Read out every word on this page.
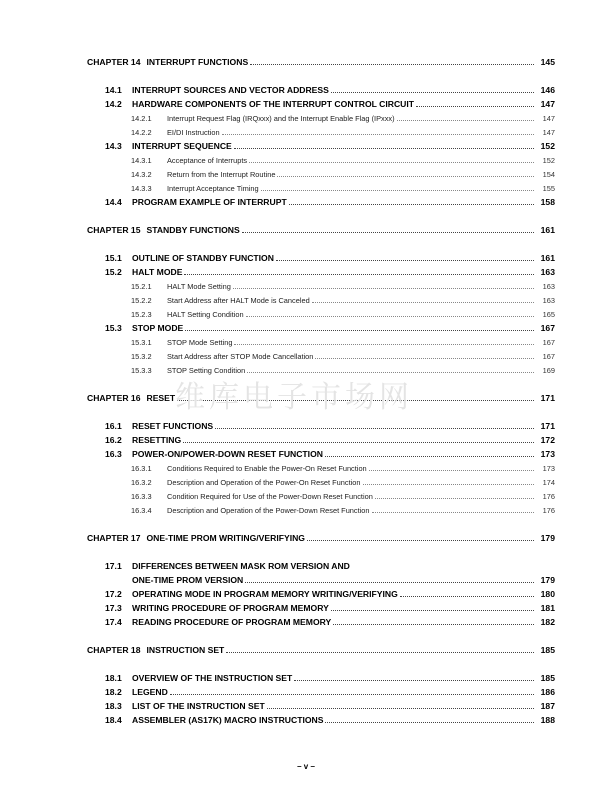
CHAPTER 14 INTERRUPT FUNCTIONS	145
14.1	INTERRUPT SOURCES AND VECTOR ADDRESS	146
14.2	HARDWARE COMPONENTS OF THE INTERRUPT CONTROL CIRCUIT	147
14.2.1	Interrupt Request Flag (IRQxxx) and the Interrupt Enable Flag (IPxxx)	147
14.2.2	EI/DI Instruction	147
14.3	INTERRUPT SEQUENCE	152
14.3.1	Acceptance of Interrupts	152
14.3.2	Return from the Interrupt Routine	154
14.3.3	Interrupt Acceptance Timing	155
14.4	PROGRAM EXAMPLE OF INTERRUPT	158
CHAPTER 15 STANDBY FUNCTIONS	161
15.1	OUTLINE OF STANDBY FUNCTION	161
15.2	HALT MODE	163
15.2.1	HALT Mode Setting	163
15.2.2	Start Address after HALT Mode is Canceled	163
15.2.3	HALT Setting Condition	165
15.3	STOP MODE	167
15.3.1	STOP Mode Setting	167
15.3.2	Start Address after STOP Mode Cancellation	167
15.3.3	STOP Setting Condition	169
CHAPTER 16 RESET	171
16.1	RESET FUNCTIONS	171
16.2	RESETTING	172
16.3	POWER-ON/POWER-DOWN RESET FUNCTION	173
16.3.1	Conditions Required to Enable the Power-On Reset Function	173
16.3.2	Description and Operation of the Power-On Reset Function	174
16.3.3	Condition Required for Use of the Power-Down Reset Function	176
16.3.4	Description and Operation of the Power-Down Reset Function	176
CHAPTER 17 ONE-TIME PROM WRITING/VERIFYING	179
17.1	DIFFERENCES BETWEEN MASK ROM VERSION AND
ONE-TIME PROM VERSION	179
17.2	OPERATING MODE IN PROGRAM MEMORY WRITING/VERIFYING	180
17.3	WRITING PROCEDURE OF PROGRAM MEMORY	181
17.4	READING PROCEDURE OF PROGRAM MEMORY	182
CHAPTER 18 INSTRUCTION SET	185
18.1	OVERVIEW OF THE INSTRUCTION SET	185
18.2	LEGEND	186
18.3	LIST OF THE INSTRUCTION SET	187
18.4	ASSEMBLER (AS17K) MACRO INSTRUCTIONS	188
维库电子市场网
– v –
